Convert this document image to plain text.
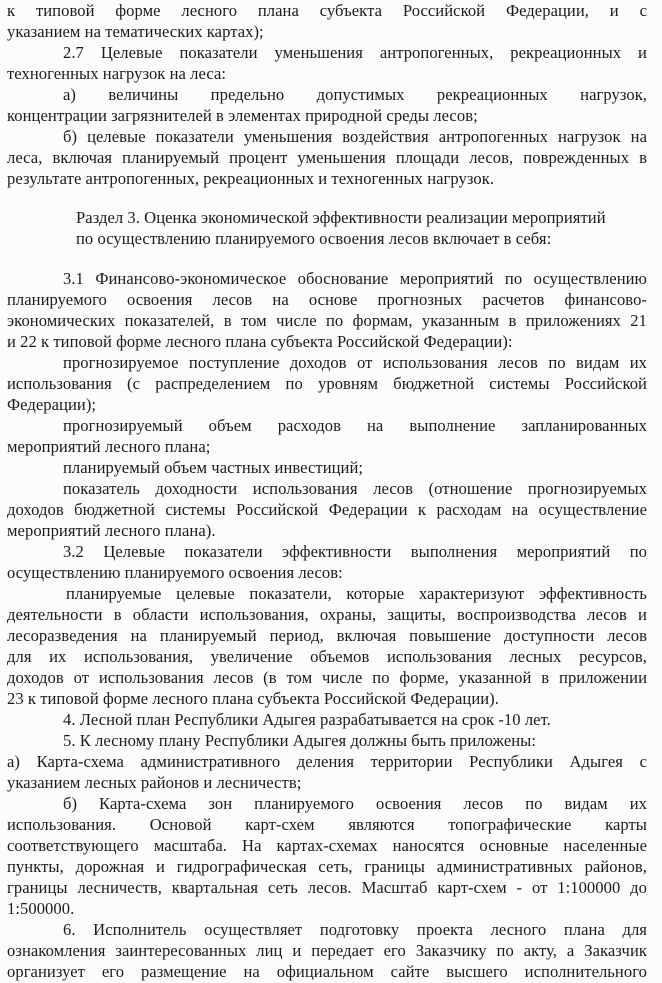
к типовой форме лесного плана субъекта Российской Федерации, и с
указанием на тематических картах);
2.7 Целевые показатели уменьшения антропогенных, рекреационных и
техногенных нагрузок на леса:
а) величины предельно допустимых рекреационных нагрузок,
концентрации загрязнителей в элементах природной среды лесов;
б) целевые показатели уменьшения воздействия антропогенных нагрузок на
леса, включая планируемый процент уменьшения площади лесов, поврежденных в
результате антропогенных, рекреационных и техногенных нагрузок.
Раздел 3. Оценка экономической эффективности реализации мероприятий
по осуществлению планируемого освоения лесов включает в себя:
3.1 Финансово-экономическое обоснование мероприятий по осуществлению
планируемого освоения лесов на основе прогнозных расчетов финансово-
экономических показателей, в том числе по формам, указанным в приложениях 21
и 22 к типовой форме лесного плана субъекта Российской Федерации):
прогнозируемое поступление доходов от использования лесов по видам их
использования (с распределением по уровням бюджетной системы Российской
Федерации);
прогнозируемый объем расходов на выполнение запланированных
мероприятий лесного плана;
планируемый объем частных инвестиций;
показатель доходности использования лесов (отношение прогнозируемых
доходов бюджетной системы Российской Федерации к расходам на осуществление
мероприятий лесного плана).
3.2 Целевые показатели эффективности выполнения мероприятий по
осуществлению планируемого освоения лесов:
планируемые целевые показатели, которые характеризуют эффективность
деятельности в области использования, охраны, защиты, воспроизводства лесов и
лесоразведения на планируемый период, включая повышение доступности лесов
для их использования, увеличение объемов использования лесных ресурсов,
доходов от использования лесов (в том числе по форме, указанной в приложении
23 к типовой форме лесного плана субъекта Российской Федерации).
4. Лесной план Республики Адыгея разрабатывается на срок -10 лет.
5. К лесному плану Республики Адыгея должны быть приложены:
а) Карта-схема административного деления территории Республики Адыгея с
указанием лесных районов и лесничеств;
б) Карта-схема зон планируемого освоения лесов по видам их
использования. Основой карт-схем являются топографические карты
соответствующего масштаба. На картах-схемах наносятся основные населенные
пункты, дорожная и гидрографическая сеть, границы административных районов,
границы лесничеств, квартальная сеть лесов. Масштаб карт-схем - от 1:100000 до
1:500000.
6. Исполнитель осуществляет подготовку проекта лесного плана для
ознакомления заинтересованных лиц и передает его Заказчику по акту, а Заказчик
организует его размещение на официальном сайте высшего исполнительного
